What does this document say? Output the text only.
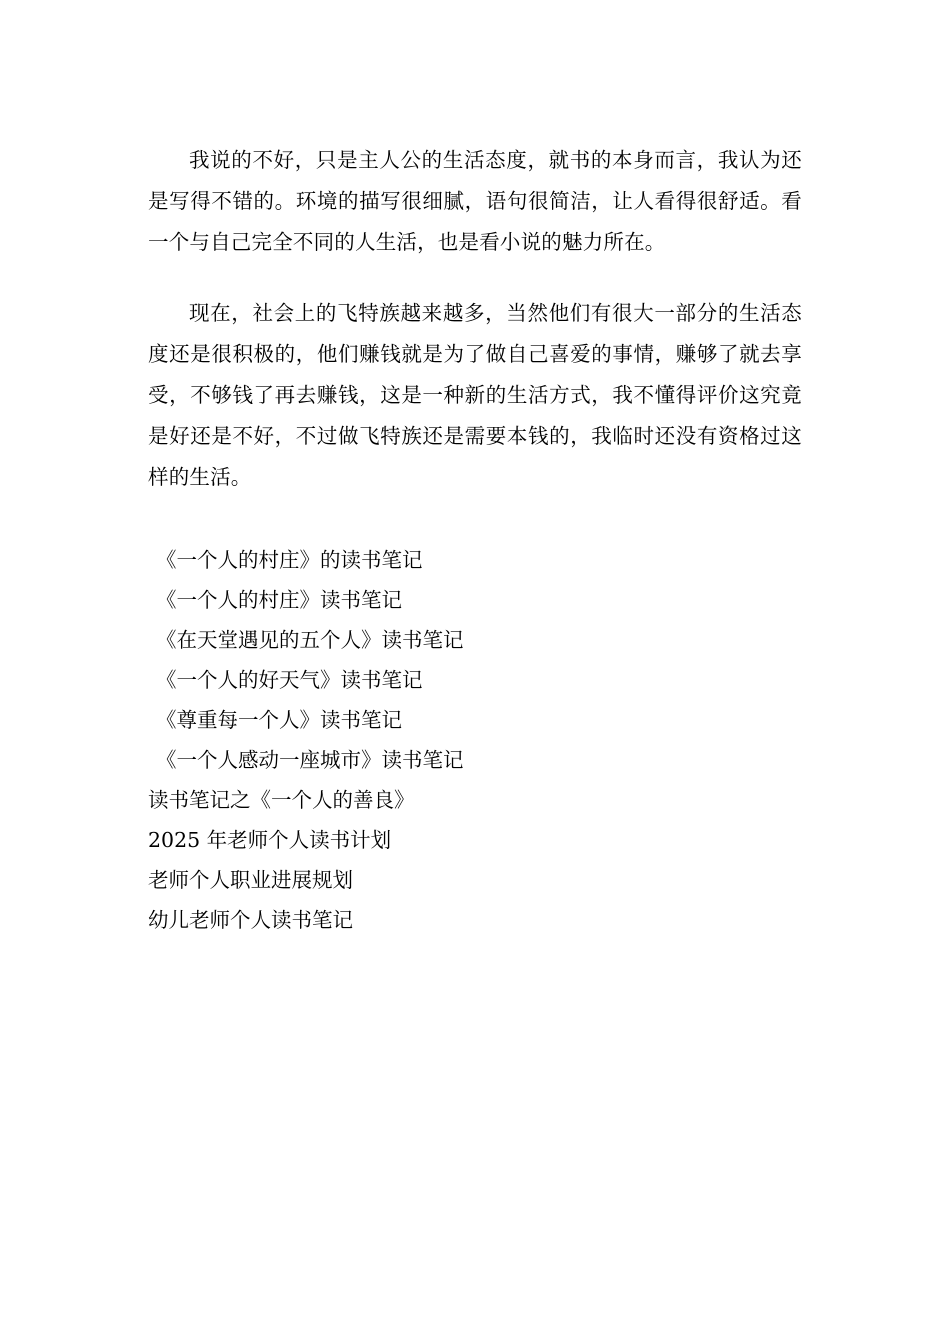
我说的不好，只是主人公的生活态度，就书的本身而言，我认为还是写得不错的。环境的描写很细腻，语句很简洁，让人看得很舒适。看一个与自己完全不同的人生活，也是看小说的魅力所在。

现在，社会上的飞特族越来越多，当然他们有很大一部分的生活态度还是很积极的，他们赚钱就是为了做自己喜爱的事情，赚够了就去享受，不够钱了再去赚钱，这是一种新的生活方式，我不懂得评价这究竟是好还是不好，不过做飞特族还是需要本钱的，我临时还没有资格过这样的生活。

《一个人的村庄》的读书笔记
《一个人的村庄》读书笔记
《在天堂遇见的五个人》读书笔记
《一个人的好天气》读书笔记
《尊重每一个人》读书笔记
《一个人感动一座城市》读书笔记
读书笔记之《一个人的善良》
2025 年老师个人读书计划
老师个人职业进展规划
幼儿老师个人读书笔记
